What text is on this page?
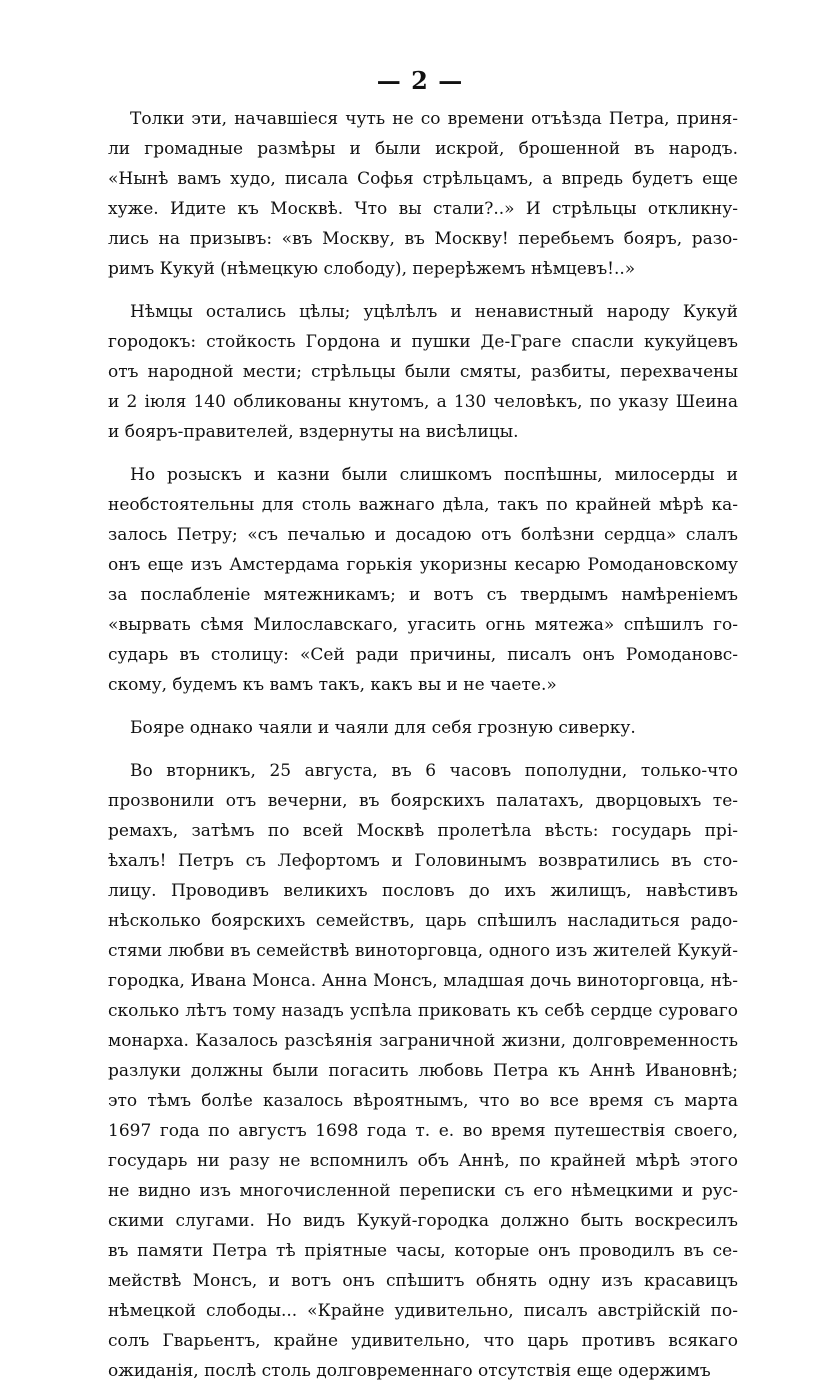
— 2 —
Толки эти, начавшіеся чуть не со времени отъѣзда Петра, приня-
ли громадные размѣры и были искрой, брошенной въ народъ.
«Нынѣ вамъ худо, писала Софья стрѣльцамъ, а впредь будетъ еще
хуже. Идите къ Москвѣ. Что вы стали?..» И стрѣльцы откликну-
лись на призывъ: «въ Москву, въ Москву! перебьемъ бояръ, разо-
римъ Кукуй (нѣмецкую слободу), перерѣжемъ нѣмцевъ!..»
Нѣмцы остались цѣлы; уцѣлѣлъ и ненавистный народу Кукуй
городокъ: стойкость Гордона и пушки Де-Граге спасли кукуйцевъ
отъ народной мести; стрѣльцы были смяты, разбиты, перехвачены
и 2 іюля 140 обликованы кнутомъ, а 130 человѣкъ, по указу Шеина
и бояръ-правителей, вздернуты на висѣлицы.
Но розыскъ и казни были слишкомъ поспѣшны, милосерды и
необстоятельны для столь важнаго дѣла, такъ по крайней мѣрѣ ка-
залось Петру; «съ печалью и досадою отъ болѣзни сердца» слалъ
онъ еще изъ Амстердама горькія укоризны кесарю Ромодановскому
за послабленіе мятежникамъ; и вотъ съ твердымъ намѣреніемъ
«вырвать сѣмя Милославскаго, угасить огнь мятежа» спѣшилъ го-
сударь въ столицу: «Сей ради причины, писалъ онъ Ромодановс-
скому, будемъ къ вамъ такъ, какъ вы и не чаете.»
Бояре однако чаяли и чаяли для себя грозную сиверку.
Во вторникъ, 25 августа, въ 6 часовъ пополудни, только-что
прозвонили отъ вечерни, въ боярскихъ палатахъ, дворцовыхъ те-
ремахъ, затѣмъ по всей Москвѣ пролетѣла вѣсть: государь прі-
ѣхалъ! Петръ съ Лефортомъ и Головинымъ возвратились въ сто-
лицу. Проводивъ великихъ пословъ до ихъ жилищъ, навѣстивъ
нѣсколько боярскихъ семействъ, царь спѣшилъ насладиться радо-
стями любви въ семействѣ виноторговца, одного изъ жителей Кукуй-
городка, Ивана Монса. Анна Монсъ, младшая дочь виноторговца, нѣ-
сколько лѣтъ тому назадъ успѣла приковать къ себѣ сердце суроваго
монарха. Казалось разсѣянія заграничной жизни, долговременность
разлуки должны были погасить любовь Петра къ Аннѣ Ивановнѣ;
это тѣмъ болѣе казалось вѣроятнымъ, что во все время съ марта
1697 года по августъ 1698 года т. е. во время путешествія своего,
государь ни разу не вспомнилъ объ Аннѣ, по крайней мѣрѣ этого
не видно изъ многочисленной переписки съ его нѣмецкими и рус-
скими слугами. Но видъ Кукуй-городка должно быть воскресилъ
въ памяти Петра тѣ пріятные часы, которые онъ проводилъ въ се-
мействѣ Монсъ, и вотъ онъ спѣшитъ обнять одну изъ красавицъ
нѣмецкой слободы... «Крайне удивительно, писалъ австрійскій по-
солъ Гварьентъ, крайне удивительно, что царь противъ всякаго
ожиданія, послѣ столь долговременнаго отсутствія еще одержимъ
